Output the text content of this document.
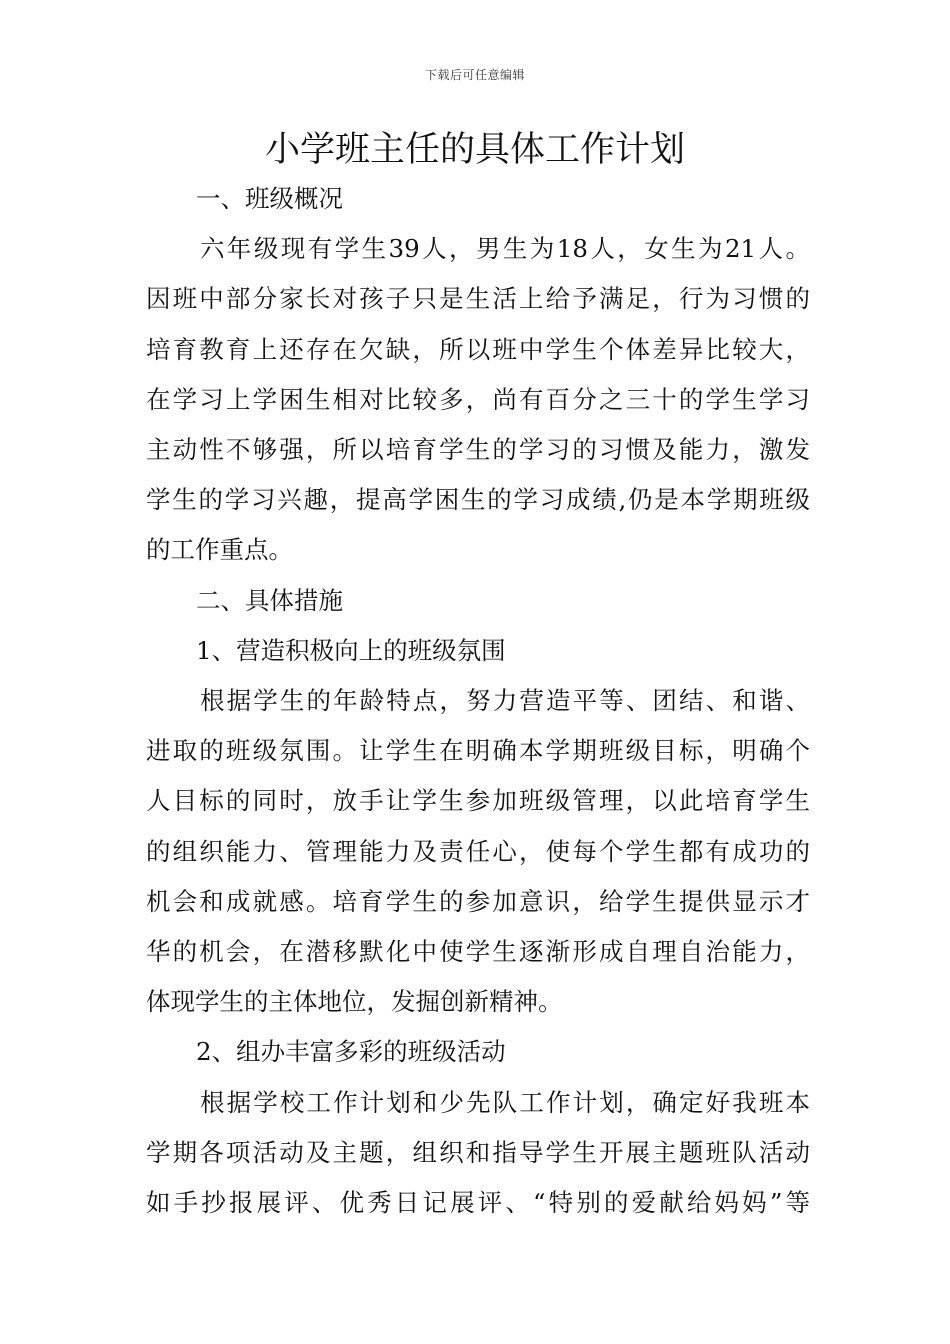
下载后可任意编辑
小学班主任的具体工作计划
一、班级概况
六年级现有学生39人，男生为18人，女生为21人。
因班中部分家长对孩子只是生活上给予满足，行为习惯的
培育教育上还存在欠缺，所以班中学生个体差异比较大，
在学习上学困生相对比较多，尚有百分之三十的学生学习
主动性不够强，所以培育学生的学习的习惯及能力，激发
学生的学习兴趣，提高学困生的学习成绩,仍是本学期班级
的工作重点。
二、具体措施
1、营造积极向上的班级氛围
根据学生的年龄特点，努力营造平等、团结、和谐、
进取的班级氛围。让学生在明确本学期班级目标，明确个
人目标的同时，放手让学生参加班级管理，以此培育学生
的组织能力、管理能力及责任心，使每个学生都有成功的
机会和成就感。培育学生的参加意识，给学生提供显示才
华的机会，在潜移默化中使学生逐渐形成自理自治能力，
体现学生的主体地位，发掘创新精神。
2、组办丰富多彩的班级活动
根据学校工作计划和少先队工作计划，确定好我班本
学期各项活动及主题，组织和指导学生开展主题班队活动
如手抄报展评、优秀日记展评、“特别的爱献给妈妈”等
